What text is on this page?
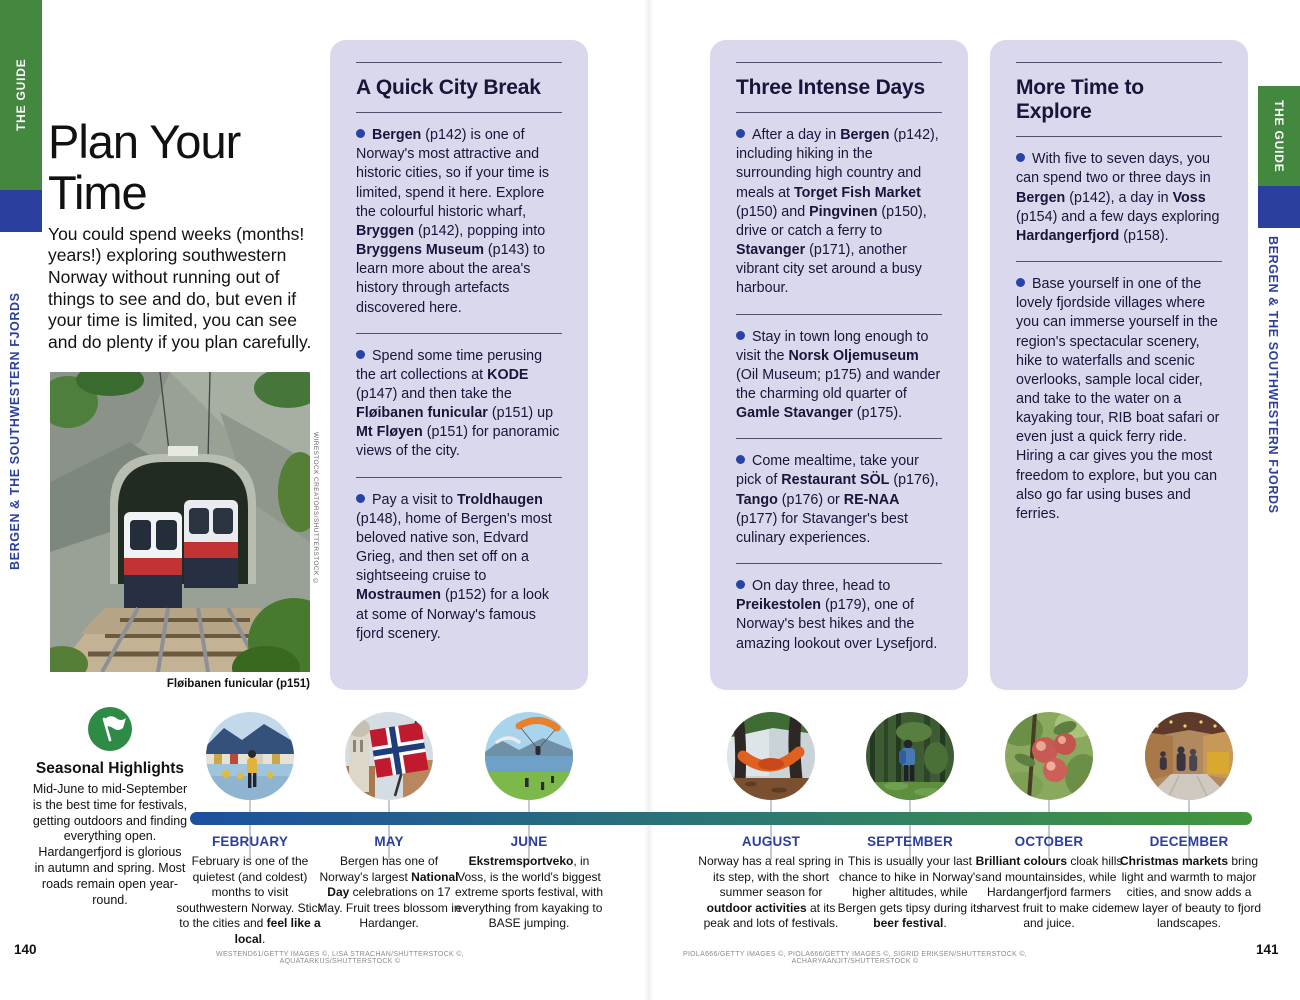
THE GUIDE
BERGEN & THE SOUTHWESTERN FJORDS
THE GUIDE
BERGEN & THE SOUTHWESTERN FJORDS
Plan Your Time

You could spend weeks (months! years!) exploring southwestern Norway without running out of things to see and do, but even if your time is limited, you can see and do plenty if you plan carefully.

Fløibanen funicular (p151)
WIRESTOCK CREATORS/SHUTTERSTOCK ©
A Quick City Break
Bergen (p142) is one of Norway's most attractive and historic cities, so if your time is limited, spend it here. Explore the colourful historic wharf, Bryggen (p142), popping into Bryggens Museum (p143) to learn more about the area's history through artefacts discovered here.
Spend some time perusing the art collections at KODE (p147) and then take the Fløibanen funicular (p151) up Mt Fløyen (p151) for panoramic views of the city.
Pay a visit to Troldhaugen (p148), home of Bergen's most beloved native son, Edvard Grieg, and then set off on a sightseeing cruise to Mostraumen (p152) for a look at some of Norway's famous fjord scenery.
Three Intense Days
After a day in Bergen (p142), including hiking in the surrounding high country and meals at Torget Fish Market (p150) and Pingvinen (p150), drive or catch a ferry to Stavanger (p171), another vibrant city set around a busy harbour.
Stay in town long enough to visit the Norsk Oljemuseum (Oil Museum; p175) and wander the charming old quarter of Gamle Stavanger (p175).
Come mealtime, take your pick of Restaurant SÖL (p176), Tango (p176) or RE-NAA (p177) for Stavanger's best culinary experiences.
On day three, head to Preikestolen (p179), one of Norway's best hikes and the amazing lookout over Lysefjord.
More Time to Explore
With five to seven days, you can spend two or three days in Bergen (p142), a day in Voss (p154) and a few days exploring Hardangerfjord (p158).
Base yourself in one of the lovely fjordside villages where you can immerse yourself in the region's spectacular scenery, hike to waterfalls and scenic overlooks, sample local cider, and take to the water on a kayaking tour, RIB boat safari or even just a quick ferry ride. Hiring a car gives you the most freedom to explore, but you can also go far using buses and ferries.
Seasonal Highlights

Mid-June to mid-September is the best time for festivals, getting outdoors and finding everything open. Hardangerfjord is glorious in autumn and spring. Most roads remain open year-round.

FEBRUARY

February is one of the quietest (and coldest) months to visit southwestern Norway. Stick to the cities and feel like a local.

MAY

Bergen has one of Norway's largest National Day celebrations on 17 May. Fruit trees blossom in Hardanger.

JUNE

Ekstremsportveko, in Voss, is the world's biggest extreme sports festival, with everything from kayaking to BASE jumping.

AUGUST

Norway has a real spring in its step, with the short summer season for outdoor activities at its peak and lots of festivals.

SEPTEMBER

This is usually your last chance to hike in Norway's higher altitudes, while Bergen gets tipsy during its beer festival.

OCTOBER

Brilliant colours cloak hills and mountainsides, while Hardangerfjord farmers harvest fruit to make cider and juice.

DECEMBER

Christmas markets bring light and warmth to major cities, and snow adds a new layer of beauty to fjord landscapes.

140	141
WESTEND61/GETTY IMAGES ©, LISA STRACHAN/SHUTTERSTOCK ©, AQUATARKUS/SHUTTERSTOCK ©
PIOLA666/GETTY IMAGES ©, PIOLA666/GETTY IMAGES ©, SIGRID ERIKSEN/SHUTTERSTOCK ©, ACHARYAANJIT/SHUTTERSTOCK ©
